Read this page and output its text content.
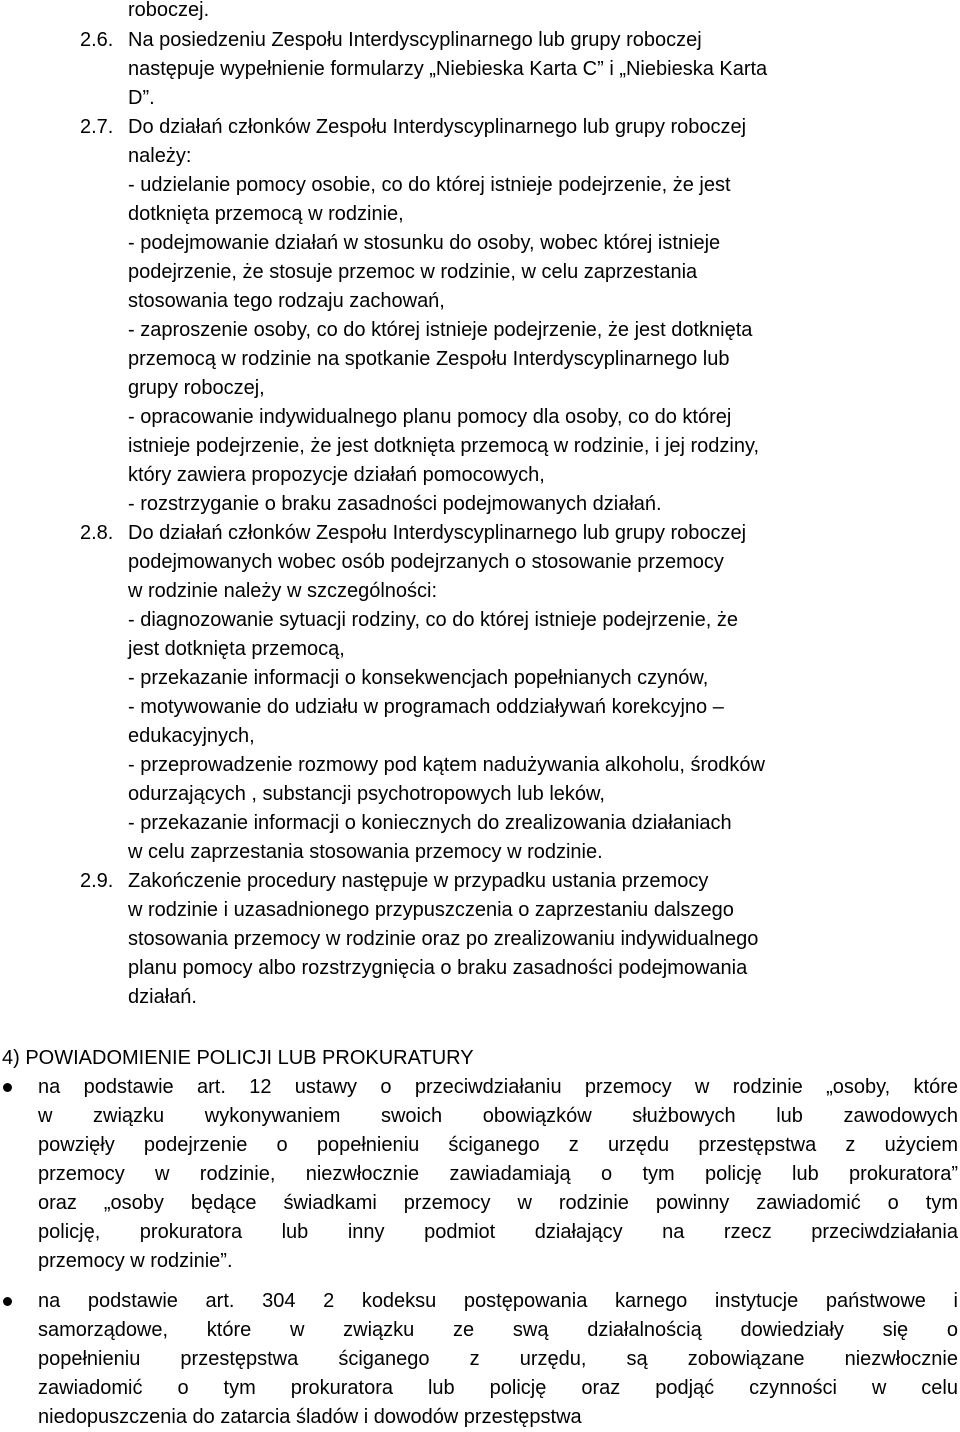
roboczej.
2.6. Na posiedzeniu Zespołu Interdyscyplinarnego lub grupy roboczej
następuje wypełnienie formularzy „Niebieska Karta C” i „Niebieska Karta
D”.
2.7. Do działań członków Zespołu Interdyscyplinarnego lub grupy roboczej
należy:
- udzielanie pomocy osobie, co do której istnieje podejrzenie, że jest
dotknięta przemocą w rodzinie,
- podejmowanie działań w stosunku do osoby, wobec której istnieje
podejrzenie, że stosuje przemoc w rodzinie, w celu zaprzestania
stosowania tego rodzaju zachowań,
- zaproszenie osoby, co do której istnieje podejrzenie, że jest dotknięta
przemocą w rodzinie na spotkanie Zespołu Interdyscyplinarnego lub
grupy roboczej,
- opracowanie indywidualnego planu pomocy dla osoby, co do której
istnieje podejrzenie, że jest dotknięta przemocą w rodzinie, i jej rodziny,
który zawiera propozycje działań pomocowych,
- rozstrzyganie o braku zasadności podejmowanych działań.
2.8. Do działań członków Zespołu Interdyscyplinarnego lub grupy roboczej
podejmowanych wobec osób podejrzanych o stosowanie przemocy
w rodzinie należy w szczególności:
- diagnozowanie sytuacji rodziny, co do której istnieje podejrzenie, że
jest dotknięta przemocą,
- przekazanie informacji o konsekwencjach popełnianych czynów,
- motywowanie do udziału w programach oddziaływań korekcyjno –
edukacyjnych,
- przeprowadzenie rozmowy pod kątem nadużywania alkoholu, środków
odurzających , substancji psychotropowych lub leków,
- przekazanie informacji o koniecznych do zrealizowania działaniach
w celu zaprzestania stosowania przemocy w rodzinie.
2.9. Zakończenie procedury następuje w przypadku ustania przemocy
w rodzinie i uzasadnionego przypuszczenia o zaprzestaniu dalszego
stosowania przemocy w rodzinie oraz po zrealizowaniu indywidualnego
planu pomocy albo rozstrzygnięcia o braku zasadności podejmowania
działań.
4) POWIADOMIENIE POLICJI LUB PROKURATURY
na podstawie art. 12 ustawy o przeciwdziałaniu przemocy w rodzinie „osoby, które
w związku wykonywaniem swoich obowiązków służbowych lub zawodowych
powzięły podejrzenie o popełnieniu ściganego z urzędu przestępstwa z użyciem
przemocy w rodzinie, niezwłocznie zawiadamiają o tym policję lub prokuratora”
oraz „osoby będące świadkami przemocy w rodzinie powinny zawiadomić o tym
policję, prokuratora lub inny podmiot działający na rzecz przeciwdziałania
przemocy w rodzinie”.
na podstawie art. 304 2 kodeksu postępowania karnego instytucje państwowe i
samorządowe, które w związku ze swą działalnością dowiedziały się o
popełnieniu przestępstwa ściganego z urzędu, są zobowiązane niezwłocznie
zawiadomić o tym prokuratora lub policję oraz podjąć czynności w celu
niedopuszczenia do zatarcia śladów i dowodów przestępstwa
